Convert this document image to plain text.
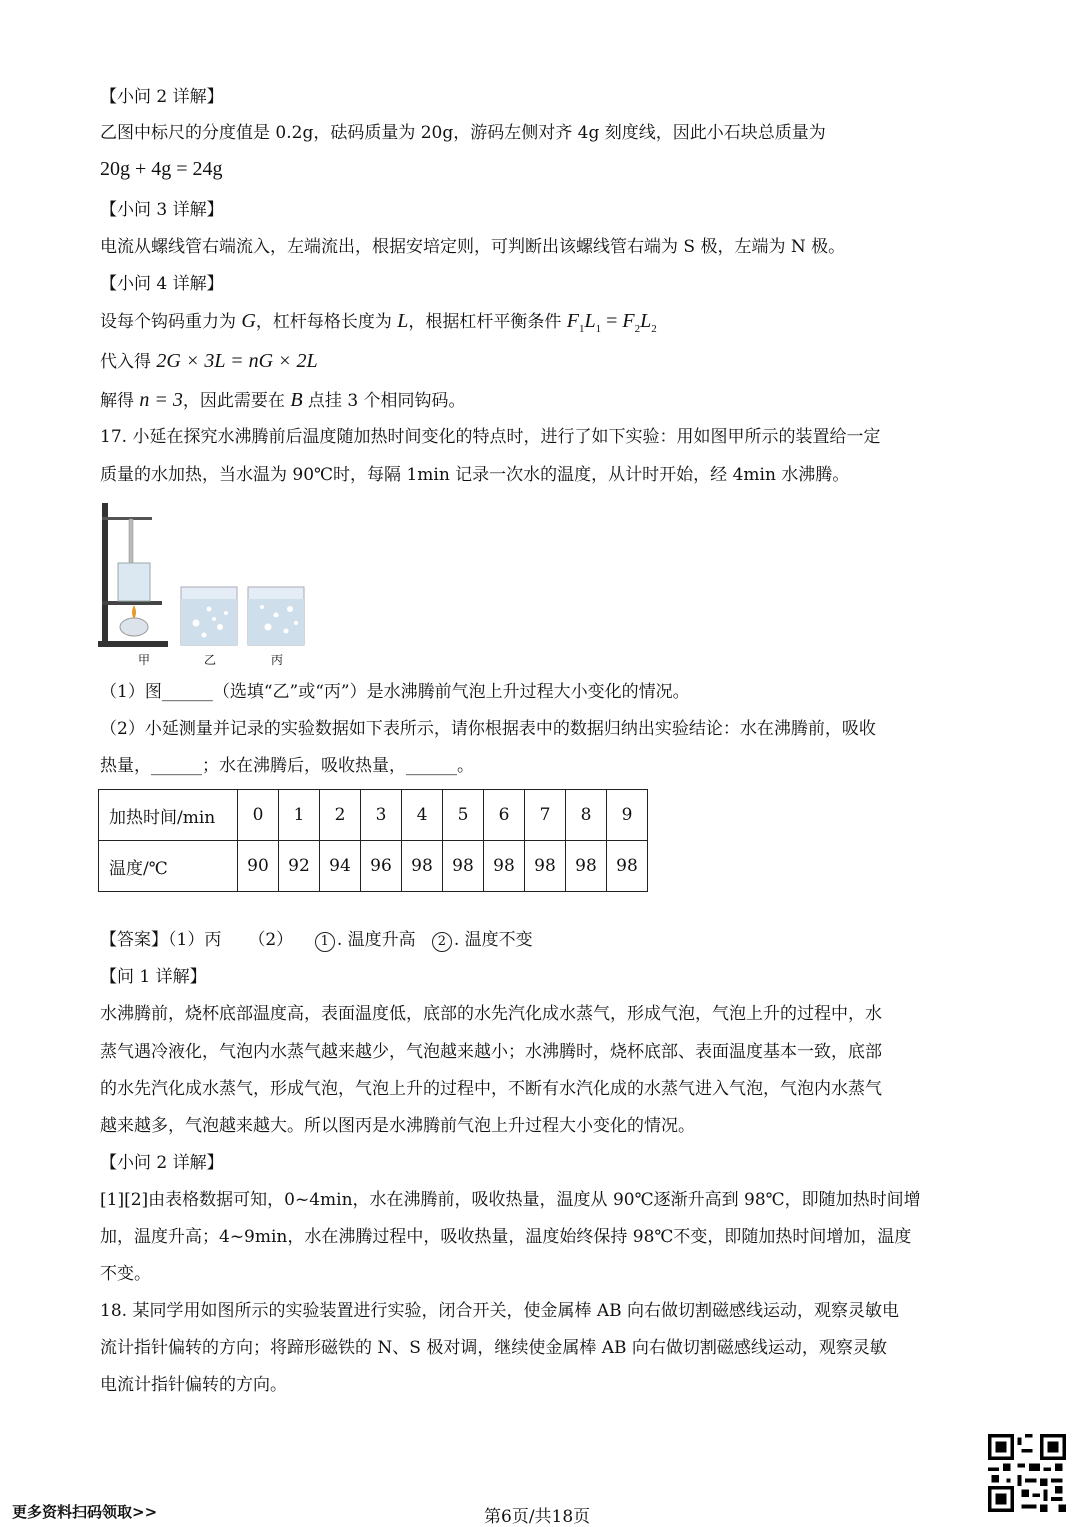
【小问 2 详解】
乙图中标尺的分度值是 0.2g，砝码质量为 20g，游码左侧对齐 4g 刻度线，因此小石块总质量为
20g + 4g = 24g
【小问 3 详解】
电流从螺线管右端流入，左端流出，根据安培定则，可判断出该螺线管右端为 S 极，左端为 N 极。
【小问 4 详解】
设每个钩码重力为 G，杠杆每格长度为 L，根据杠杆平衡条件 $F_1L_1 = F_2L_2$
代入得 2G × 3L = nG × 2L
解得 n = 3，因此需要在 B 点挂 3 个相同钩码。
17. 小延在探究水沸腾前后温度随加热时间变化的特点时，进行了如下实验：用如图甲所示的装置给一定
质量的水加热，当水温为 90℃时，每隔 1min 记录一次水的温度，从计时开始，经 4min 水沸腾。
甲	乙	丙
（1）图______（选填“乙”或“丙”）是水沸腾前气泡上升过程大小变化的情况。
（2）小延测量并记录的实验数据如下表所示，请你根据表中的数据归纳出实验结论：水在沸腾前，吸收
热量，______；水在沸腾后，吸收热量，______。
加热时间/min	0	1	2	3	4	5	6	7	8	9
温度/℃	90	92	94	96	98	98	98	98	98	98
【答案】（1）丙 （2） 1 . 温度升高 2 . 温度不变
【问 1 详解】
水沸腾前，烧杯底部温度高，表面温度低，底部的水先汽化成水蒸气，形成气泡，气泡上升的过程中，水
蒸气遇冷液化，气泡内水蒸气越来越少，气泡越来越小；水沸腾时，烧杯底部、表面温度基本一致，底部
的水先汽化成水蒸气，形成气泡，气泡上升的过程中，不断有水汽化成的水蒸气进入气泡，气泡内水蒸气
越来越多，气泡越来越大。所以图丙是水沸腾前气泡上升过程大小变化的情况。
【小问 2 详解】
[1][2]由表格数据可知，0~4min，水在沸腾前，吸收热量，温度从 90℃逐渐升高到 98℃，即随加热时间增
加，温度升高；4~9min，水在沸腾过程中，吸收热量，温度始终保持 98℃不变，即随加热时间增加，温度
不变。
18. 某同学用如图所示的实验装置进行实验，闭合开关，使金属棒 AB 向右做切割磁感线运动，观察灵敏电
流计指针偏转的方向；将蹄形磁铁的 N、S 极对调，继续使金属棒 AB 向右做切割磁感线运动，观察灵敏
电流计指针偏转的方向。
更多资料扫码领取>>	第6页/共18页
